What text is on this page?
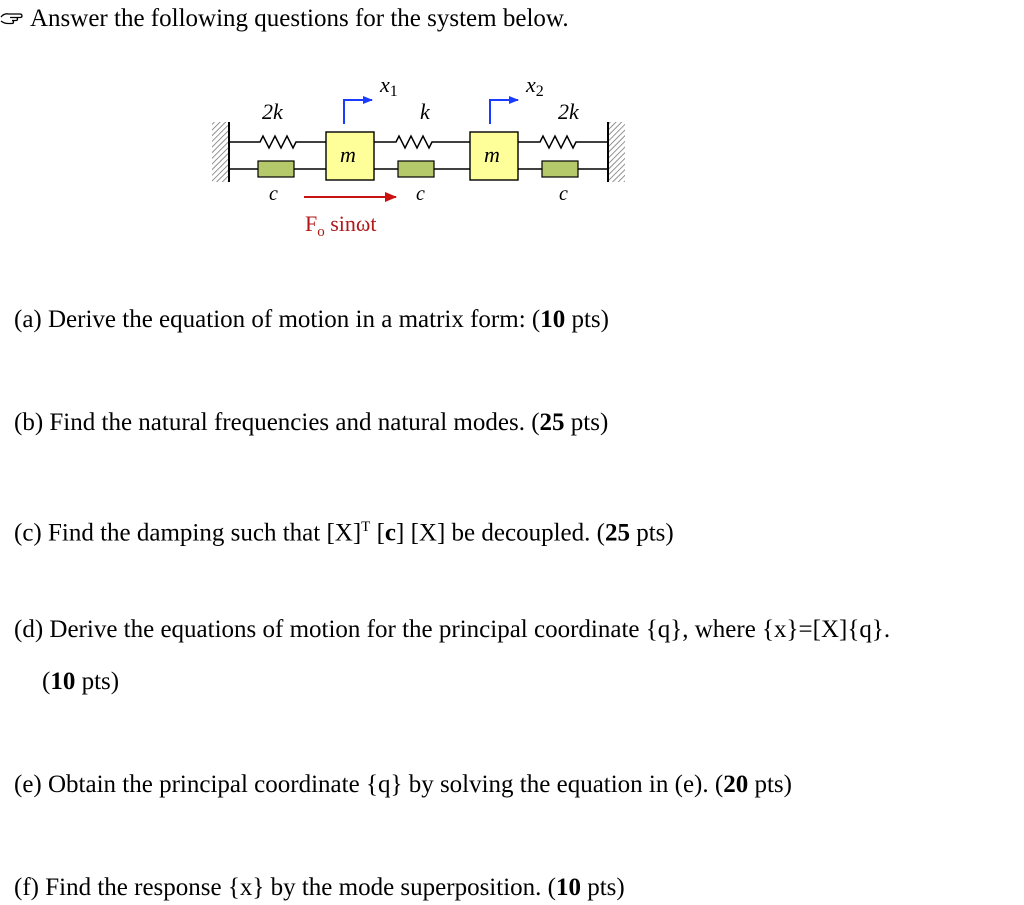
Answer the following questions for the system below.
2k	k	2k
m	m
c	c	c
x1	x2
$F_o$ sinωt
(a) Derive the equation of motion in a matrix form: (10 pts)
(b) Find the natural frequencies and natural modes. (25 pts)
(c) Find the damping such that $[X]^T$ [c] [X] be decoupled. (25 pts)
(d) Derive the equations of motion for the principal coordinate {q}, where {x}=[X]{q}.
(10 pts)
(e) Obtain the principal coordinate {q} by solving the equation in (e). (20 pts)
(f) Find the response {x} by the mode superposition. (10 pts)
